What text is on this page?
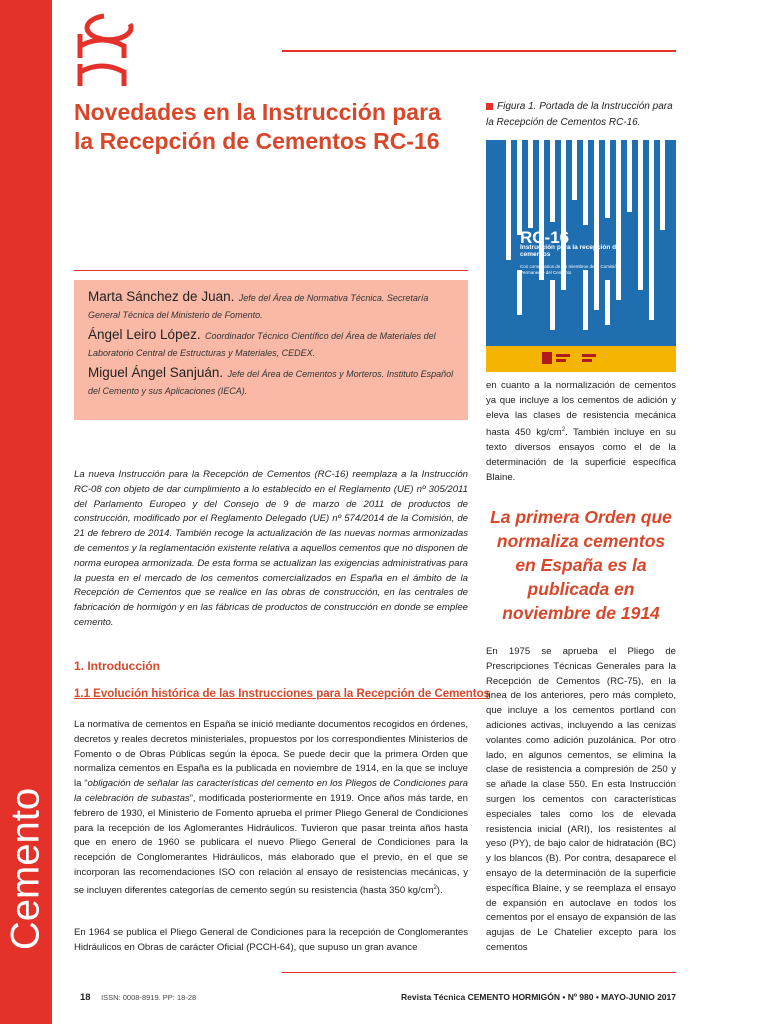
Cemento
Novedades en la Instrucción para la Recepción de Cementos RC-16

Marta Sánchez de Juan. Jefe del Área de Normativa Técnica. Secretaría General Técnica del Ministerio de Fomento.

Ángel Leiro López. Coordinador Técnico Científico del Área de Materiales del Laboratorio Central de Estructuras y Materiales, CEDEX.

Miguel Ángel Sanjuán. Jefe del Área de Cementos y Morteros. Instituto Español del Cemento y sus Aplicaciones (IECA).

La nueva Instrucción para la Recepción de Cementos (RC-16) reemplaza a la Instrucción RC-08 con objeto de dar cumplimiento a lo establecido en el Reglamento (UE) nº 305/2011 del Parlamento Europeo y del Consejo de 9 de marzo de 2011 de productos de construcción, modificado por el Reglamento Delegado (UE) nº 574/2014 de la Comisión, de 21 de febrero de 2014. También recoge la actualización de las nuevas normas armonizadas de cementos y la reglamentación existente relativa a aquellos cementos que no disponen de norma europea armonizada. De esta forma se actualizan las exigencias administrativas para la puesta en el mercado de los cementos comercializados en España en el ámbito de la Recepción de Cementos que se realice en las obras de construcción, en las centrales de fabricación de hormigón y en las fábricas de productos de construcción en donde se emplee cemento.

1. Introducción
1.1 Evolución histórica de las Instrucciones para la Recepción de Cementos

La normativa de cementos en España se inició mediante documentos recogidos en órdenes, decretos y reales decretos ministeriales, propuestos por los correspondientes Ministerios de Fomento o de Obras Públicas según la época. Se puede decir que la primera Orden que normaliza cementos en España es la publicada en noviembre de 1914, en la que se incluye la “obligación de señalar las características del cemento en los Pliegos de Condiciones para la celebración de subastas”, modificada posteriormente en 1919. Once años más tarde, en febrero de 1930, el Ministerio de Fomento aprueba el primer Pliego General de Condiciones para la recepción de los Aglomerantes Hidráulicos. Tuvieron que pasar treinta años hasta que en enero de 1960 se publicara el nuevo Pliego General de Condiciones para la recepción de Conglomerantes Hidráulicos, más elaborado que el previo, en el que se incorporan las recomendaciones ISO con relación al ensayo de resistencias mecánicas, y se incluyen diferentes categorías de cemento según su resistencia (hasta 350 $kg/cm^2$).

En 1964 se publica el Pliego General de Condiciones para la recepción de Conglomerantes Hidráulicos en Obras de carácter Oficial (PCCH-64), que supuso un gran avance

Figura 1. Portada de la Instrucción para la Recepción de Cementos RC-16.

RC-16

Instrucción para la recepción de cementos

Con comentarios de los miembros de la Comisión Permanente del Cemento

en cuanto a la normalización de cementos ya que incluye a los cementos de adición y eleva las clases de resistencia mecánica hasta 450 $kg/cm^2$. También incluye en su texto diversos ensayos como el de la determinación de la superficie específica Blaine.

La primera Orden que normaliza cementos en España es la publicada en noviembre de 1914

En 1975 se aprueba el Pliego de Prescripciones Técnicas Generales para la Recepción de Cementos (RC-75), en la línea de los anteriores, pero más completo, que incluye a los cementos portland con adiciones activas, incluyendo a las cenizas volantes como adición puzolánica. Por otro lado, en algunos cementos, se elimina la clase de resistencia a compresión de 250 y se añade la clase 550. En esta Instrucción surgen los cementos con características especiales tales como los de elevada resistencia inicial (ARI), los resistentes al yeso (PY), de bajo calor de hidratación (BC) y los blancos (B). Por contra, desaparece el ensayo de la determinación de la superficie específica Blaine, y se reemplaza el ensayo de expansión en autoclave en todos los cementos por el ensayo de expansión de las agujas de Le Chatelier excepto para los cementos

18 ISSN: 0008-8919. PP: 18-28	Revista Técnica CEMENTO HORMIGÓN • Nº 980 • MAYO-JUNIO 2017
